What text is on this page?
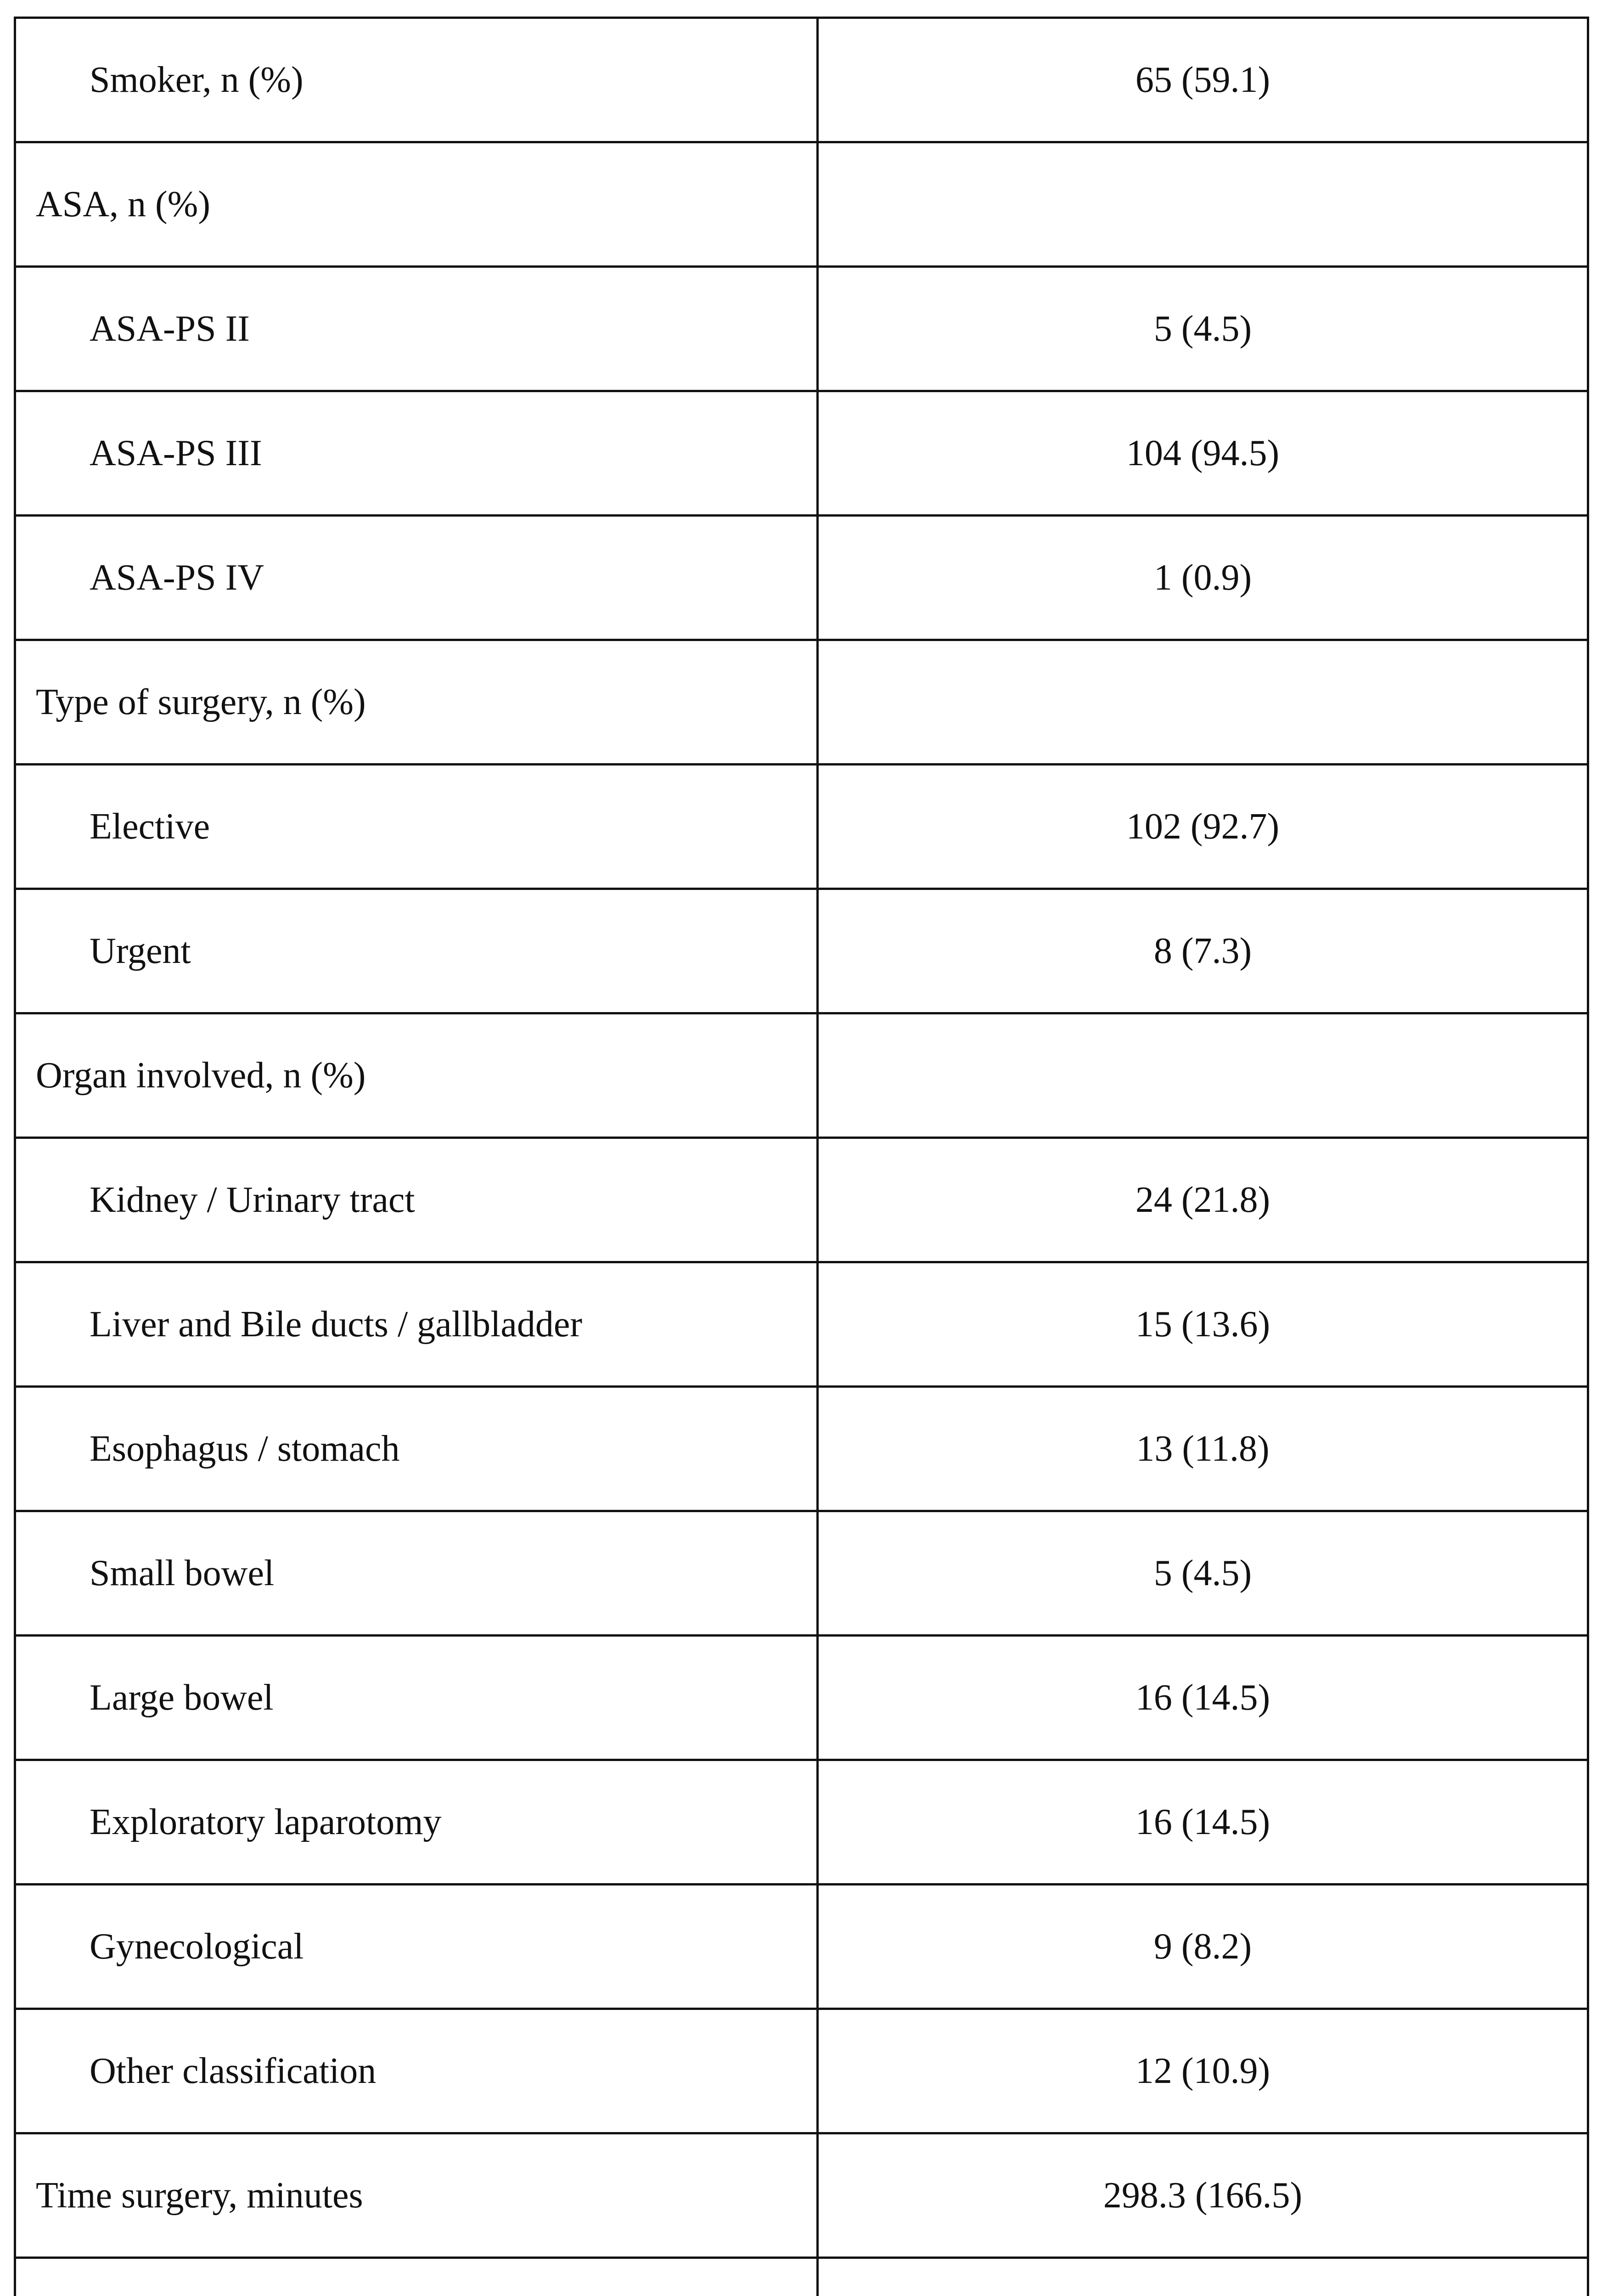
Smoker, n (%)	65 (59.1)
ASA, n (%)	
ASA-PS II	5 (4.5)
ASA-PS III	104 (94.5)
ASA-PS IV	1 (0.9)
Type of surgery, n (%)	
Elective	102 (92.7)
Urgent	8 (7.3)
Organ involved, n (%)	
Kidney / Urinary tract	24 (21.8)
Liver and Bile ducts / gallbladder	15 (13.6)
Esophagus / stomach	13 (11.8)
Small bowel	5 (4.5)
Large bowel	16 (14.5)
Exploratory laparotomy	16 (14.5)
Gynecological	9 (8.2)
Other classification	12 (10.9)
Time surgery, minutes	298.3 (166.5)
